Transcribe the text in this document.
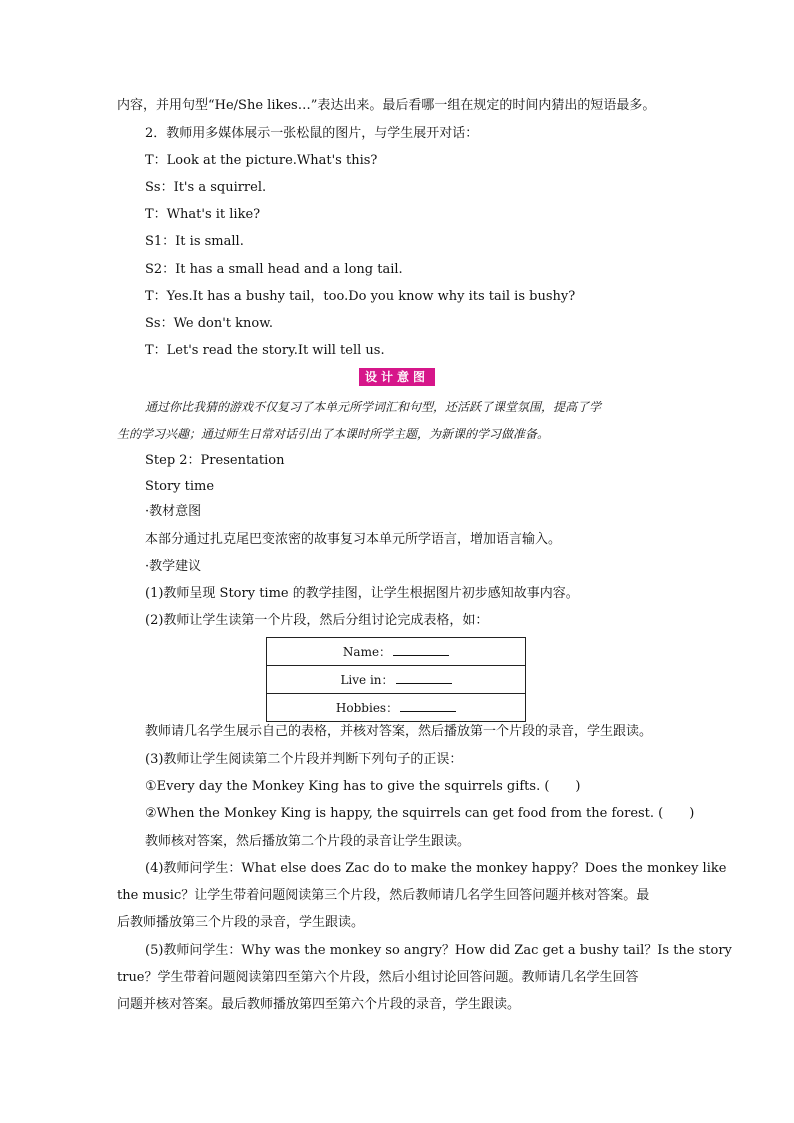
内容，并用句型“He/She likes…”表达出来。最后看哪一组在规定的时间内猜出的短语最多。
2．教师用多媒体展示一张松鼠的图片，与学生展开对话：
T：Look at the picture.What's this?
Ss：It's a squirrel.
T：What's it like?
S1：It is small.
S2：It has a small head and a long tail.
T：Yes.It has a bushy tail，too.Do you know why its tail is bushy?
Ss：We don't know.
T：Let's read the story.It will tell us.
设计意图
通过你比我猜的游戏不仅复习了本单元所学词汇和句型，还活跃了课堂氛围，提高了学
生的学习兴趣；通过师生日常对话引出了本课时所学主题，为新课的学习做准备。
Step 2：Presentation
Story time
·教材意图
本部分通过扎克尾巴变浓密的故事复习本单元所学语言，增加语言输入。
·教学建议
(1)教师呈现 Story time 的教学挂图，让学生根据图片初步感知故事内容。
(2)教师让学生读第一个片段，然后分组讨论完成表格，如：
Name：
Live in：
Hobbies：
教师请几名学生展示自己的表格，并核对答案，然后播放第一个片段的录音，学生跟读。
(3)教师让学生阅读第二个片段并判断下列句子的正误：
①Every day the Monkey King has to give the squirrels gifts. (　　)
②When the Monkey King is happy, the squirrels can get food from the forest. (　　)
教师核对答案，然后播放第二个片段的录音让学生跟读。
(4)教师问学生：What else does Zac do to make the monkey happy？Does the monkey like
the music？让学生带着问题阅读第三个片段，然后教师请几名学生回答问题并核对答案。最
后教师播放第三个片段的录音，学生跟读。
(5)教师问学生：Why was the monkey so angry？How did Zac get a bushy tail？Is the story
true？学生带着问题阅读第四至第六个片段，然后小组讨论回答问题。教师请几名学生回答
问题并核对答案。最后教师播放第四至第六个片段的录音，学生跟读。
